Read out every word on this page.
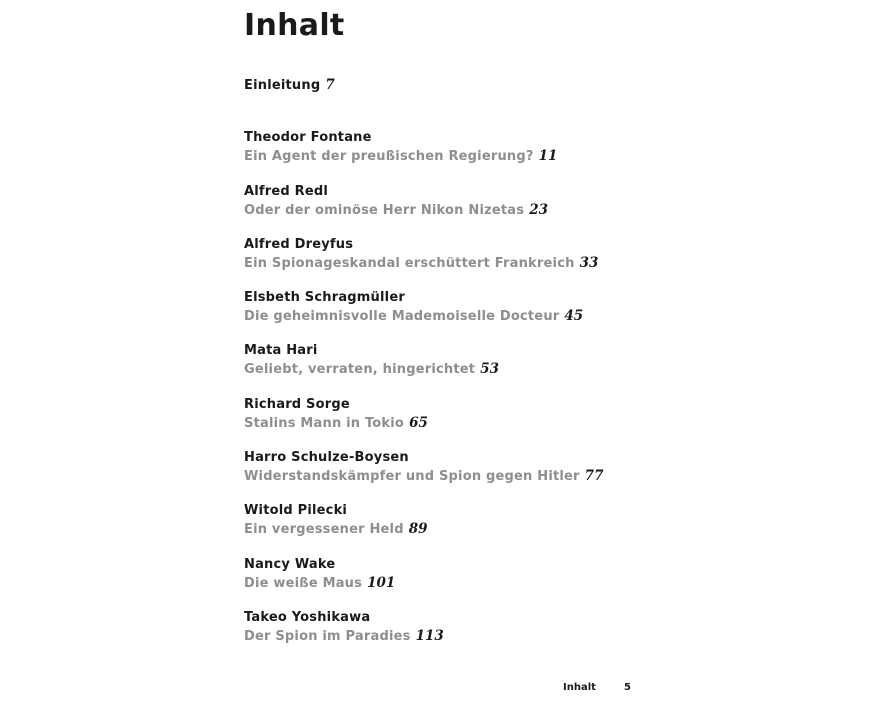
Inhalt
Einleitung 7
Theodor Fontane
Ein Agent der preußischen Regierung? 11
Alfred Redl
Oder der ominöse Herr Nikon Nizetas 23
Alfred Dreyfus
Ein Spionageskandal erschüttert Frankreich 33
Elsbeth Schragmüller
Die geheimnisvolle Mademoiselle Docteur 45
Mata Hari
Geliebt, verraten, hingerichtet 53
Richard Sorge
Stalins Mann in Tokio 65
Harro Schulze-Boysen
Widerstandskämpfer und Spion gegen Hitler 77
Witold Pilecki
Ein vergessener Held 89
Nancy Wake
Die weiße Maus 101
Takeo Yoshikawa
Der Spion im Paradies 113
Inhalt	5
